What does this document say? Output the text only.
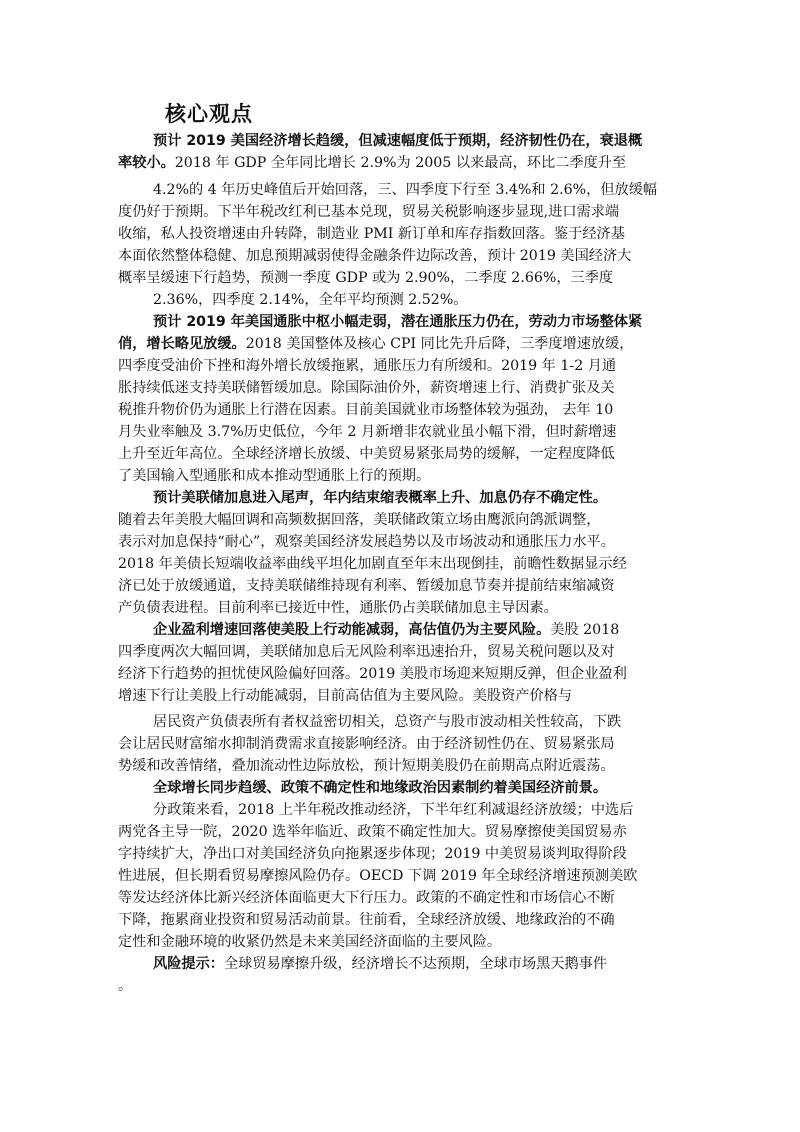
核心观点
预计 2019 美国经济增长趋缓，但减速幅度低于预期，经济韧性仍在，衰退概
率较小。2018 年 GDP 全年同比增长 2.9%为 2005 以来最高，环比二季度升至
4.2%的 4 年历史峰值后开始回落，三、四季度下行至 3.4%和 2.6%，但放缓幅
度仍好于预期。下半年税改红利已基本兑现，贸易关税影响逐步显现,进口需求端
收缩，私人投资增速由升转降，制造业 PMI 新订单和库存指数回落。鉴于经济基
本面依然整体稳健、加息预期减弱使得金融条件边际改善，预计 2019 美国经济大
概率呈缓速下行趋势，预测一季度 GDP 或为 2.90%，二季度 2.66%，三季度
2.36%，四季度 2.14%，全年平均预测 2.52%。
预计 2019 年美国通胀中枢小幅走弱，潜在通胀压力仍在，劳动力市场整体紧
俏，增长略见放缓。2018 美国整体及核心 CPI 同比先升后降，三季度增速放缓，
四季度受油价下挫和海外增长放缓拖累，通胀压力有所缓和。2019 年 1-2 月通
胀持续低迷支持美联储暂缓加息。除国际油价外，薪资增速上行、消费扩张及关
税推升物价仍为通胀上行潜在因素。目前美国就业市场整体较为强劲， 去年 10
月失业率触及 3.7%历史低位，今年 2 月新增非农就业虽小幅下滑，但时薪增速
上升至近年高位。全球经济增长放缓、中美贸易紧张局势的缓解，一定程度降低
了美国输入型通胀和成本推动型通胀上行的预期。
预计美联储加息进入尾声，年内结束缩表概率上升、加息仍存不确定性。
随着去年美股大幅回调和高频数据回落，美联储政策立场由鹰派向鸽派调整，
表示对加息保持“耐心”，观察美国经济发展趋势以及市场波动和通胀压力水平。
2018 年美债长短端收益率曲线平坦化加剧直至年末出现倒挂，前瞻性数据显示经
济已处于放缓通道，支持美联储维持现有利率、暂缓加息节奏并提前结束缩减资
产负债表进程。目前利率已接近中性，通胀仍占美联储加息主导因素。
企业盈利增速回落使美股上行动能减弱，高估值仍为主要风险。美股 2018
四季度两次大幅回调，美联储加息后无风险利率迅速抬升，贸易关税问题以及对
经济下行趋势的担忧使风险偏好回落。2019 美股市场迎来短期反弹，但企业盈利
增速下行让美股上行动能减弱，目前高估值为主要风险。美股资产价格与
居民资产负债表所有者权益密切相关，总资产与股市波动相关性较高，下跌
会让居民财富缩水抑制消费需求直接影响经济。由于经济韧性仍在、贸易紧张局
势缓和改善情绪，叠加流动性边际放松，预计短期美股仍在前期高点附近震荡。
全球增长同步趋缓、政策不确定性和地缘政治因素制约着美国经济前景。
分政策来看，2018 上半年税改推动经济，下半年红利减退经济放缓；中选后
两党各主导一院，2020 选举年临近、政策不确定性加大。贸易摩擦使美国贸易赤
字持续扩大，净出口对美国经济负向拖累逐步体现；2019 中美贸易谈判取得阶段
性进展，但长期看贸易摩擦风险仍存。OECD 下调 2019 年全球经济增速预测美欧
等发达经济体比新兴经济体面临更大下行压力。政策的不确定性和市场信心不断
下降，拖累商业投资和贸易活动前景。往前看，全球经济放缓、地缘政治的不确
定性和金融环境的收紧仍然是未来美国经济面临的主要风险。
风险提示：全球贸易摩擦升级，经济增长不达预期，全球市场黑天鹅事件
。
